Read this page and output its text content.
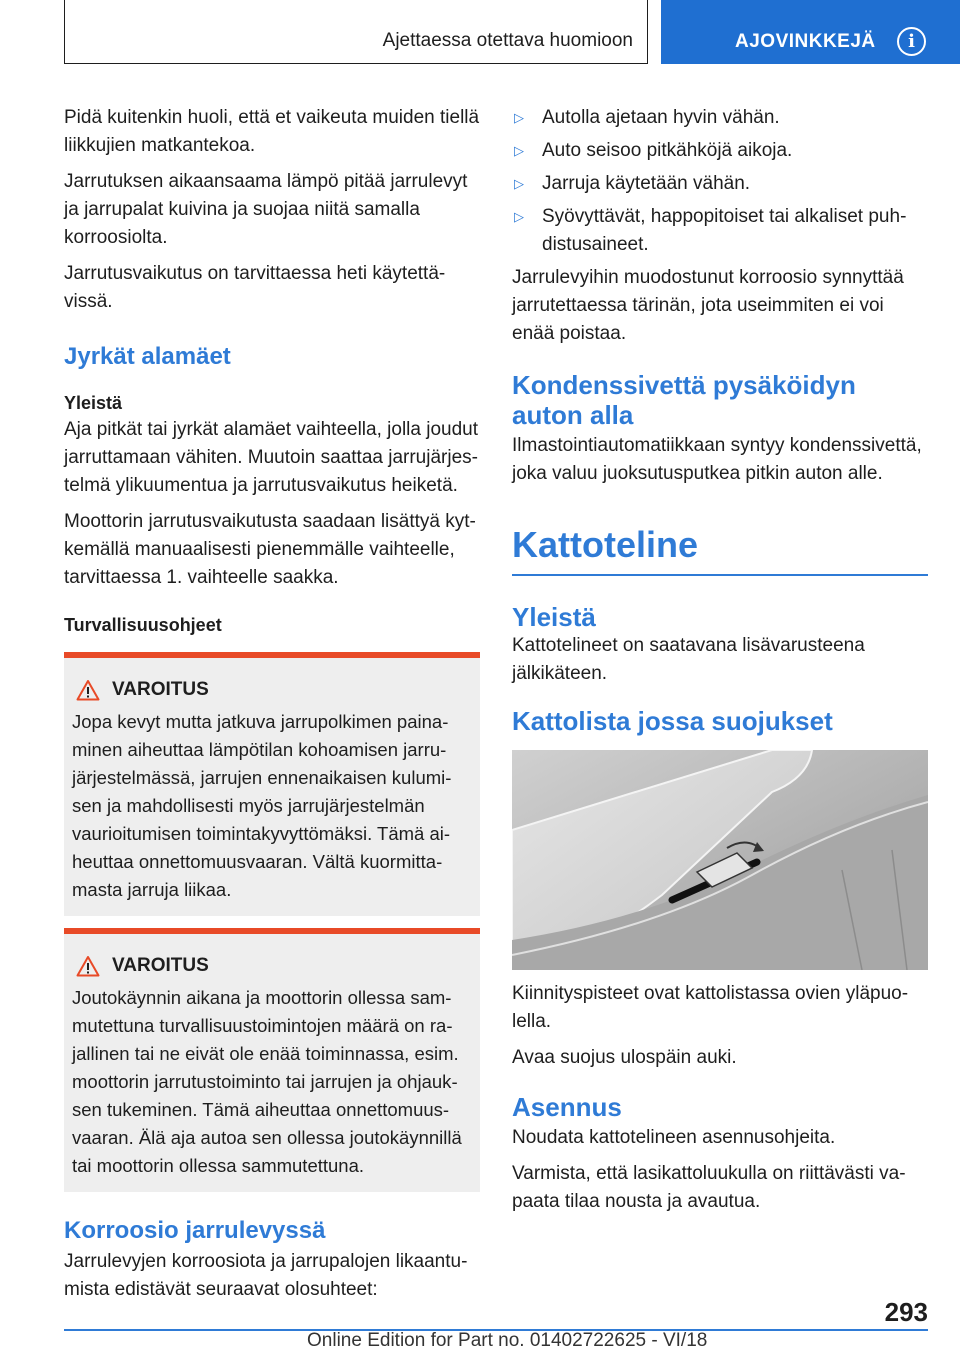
Ajettaessa otettava huomioon	AJOVINKKEJÄ	i

Pidä kuitenkin huoli, että et vaikeuta muiden tiellä liikkujien matkantekoa.

Jarrutuksen aikaansaama lämpö pitää jarrulevyt ja jarrupalat kuivina ja suojaa niitä samalla korroosiolta.

Jarrutusvaikutus on tarvittaessa heti käytettävissä.

Jyrkät alamäet
Yleistä

Aja pitkät tai jyrkät alamäet vaihteella, jolla joudut jarruttamaan vähiten. Muutoin saattaa jarrujärjestelmä ylikuumentua ja jarrutusvaikutus heiketä.

Moottorin jarrutusvaikutusta saadaan lisättyä kytkemällä manuaalisesti pienemmälle vaihteelle, tarvittaessa 1. vaihteelle saakka.

Turvallisuusohjeet
VAROITUS

Jopa kevyt mutta jatkuva jarrupolkimen painaminen aiheuttaa lämpötilan kohoamisen jarrujärjestelmässä, jarrujen ennenaikaisen kulumisen ja mahdollisesti myös jarrujärjestelmän vaurioitumisen toimintakyvyttömäksi. Tämä aiheuttaa onnettomuusvaaran. Vältä kuormittamasta jarruja liikaa.

VAROITUS

Joutokäynnin aikana ja moottorin ollessa sammutettuna turvallisuustoimintojen määrä on rajallinen tai ne eivät ole enää toiminnassa, esim. moottorin jarrutustoiminto tai jarrujen ja ohjauksen tukeminen. Tämä aiheuttaa onnettomuusvaaran. Älä aja autoa sen ollessa joutokäynnillä tai moottorin ollessa sammutettuna.

Korroosio jarrulevyssä

Jarrulevyjen korroosiota ja jarrupalojen likaantumista edistävät seuraavat olosuhteet:

▷ Autolla ajetaan hyvin vähän.
▷ Auto seisoo pitkähköjä aikoja.
▷ Jarruja käytetään vähän.
▷ Syövyttävät, happopitoiset tai alkaliset puhdistusaineet.

Jarrulevyihin muodostunut korroosio synnyttää jarrutettaessa tärinän, jota useimmiten ei voi enää poistaa.

Kondenssivettä pysäköidyn auton alla

Ilmastointiautomatiikkaan syntyy kondenssivettä, joka valuu juoksutusputkea pitkin auton alle.

Kattoteline
Yleistä

Kattotelineet on saatavana lisävarusteena jälkikäteen.

Kattolista jossa suojukset

Kiinnityspisteet ovat kattolistassa ovien yläpuolella.

Avaa suojus ulospäin auki.

Asennus

Noudata kattotelineen asennusohjeita.

Varmista, että lasikattoluukulla on riittävästi vapaata tilaa nousta ja avautua.

293
Online Edition for Part no. 01402722625 - VI/18
